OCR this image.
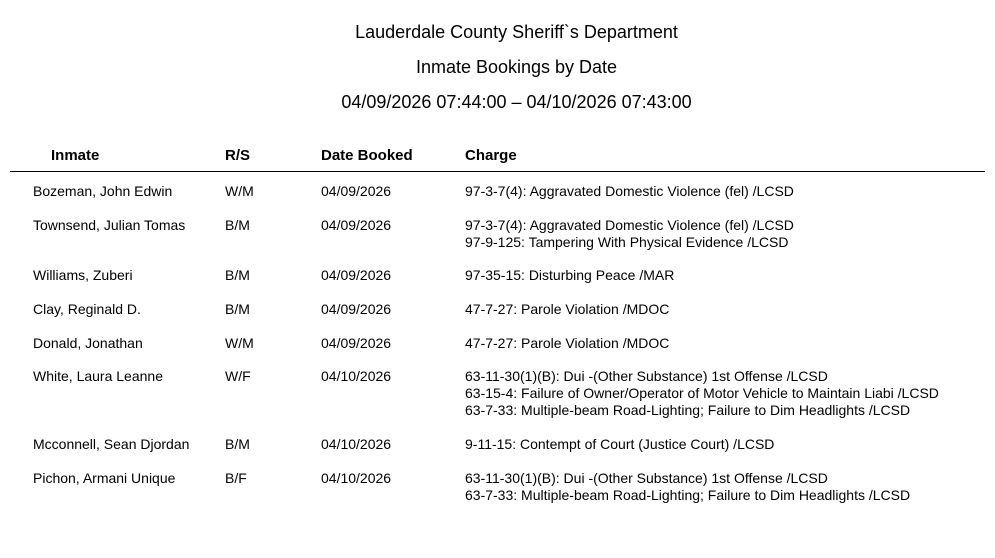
Lauderdale County Sheriff`s Department
Inmate Bookings by Date
04/09/2026 07:44:00 – 04/10/2026 07:43:00
Inmate	R/S	Date Booked	Charge
Bozeman, John Edwin	W/M	04/09/2026	97-3-7(4): Aggravated Domestic Violence (fel) /LCSD
Townsend, Julian Tomas	B/M	04/09/2026	97-3-7(4): Aggravated Domestic Violence (fel) /LCSD
97-9-125: Tampering With Physical Evidence /LCSD
Williams, Zuberi	B/M	04/09/2026	97-35-15: Disturbing Peace /MAR
Clay, Reginald D.	B/M	04/09/2026	47-7-27: Parole Violation /MDOC
Donald, Jonathan	W/M	04/09/2026	47-7-27: Parole Violation /MDOC
White, Laura Leanne	W/F	04/10/2026	63-11-30(1)(B): Dui -(Other Substance) 1st Offense /LCSD
63-15-4: Failure of Owner/Operator of Motor Vehicle to Maintain Liabi /LCSD
63-7-33: Multiple-beam Road-Lighting; Failure to Dim Headlights /LCSD
Mcconnell, Sean Djordan	B/M	04/10/2026	9-11-15: Contempt of Court (Justice Court) /LCSD
Pichon, Armani Unique	B/F	04/10/2026	63-11-30(1)(B): Dui -(Other Substance) 1st Offense /LCSD
63-7-33: Multiple-beam Road-Lighting; Failure to Dim Headlights /LCSD
